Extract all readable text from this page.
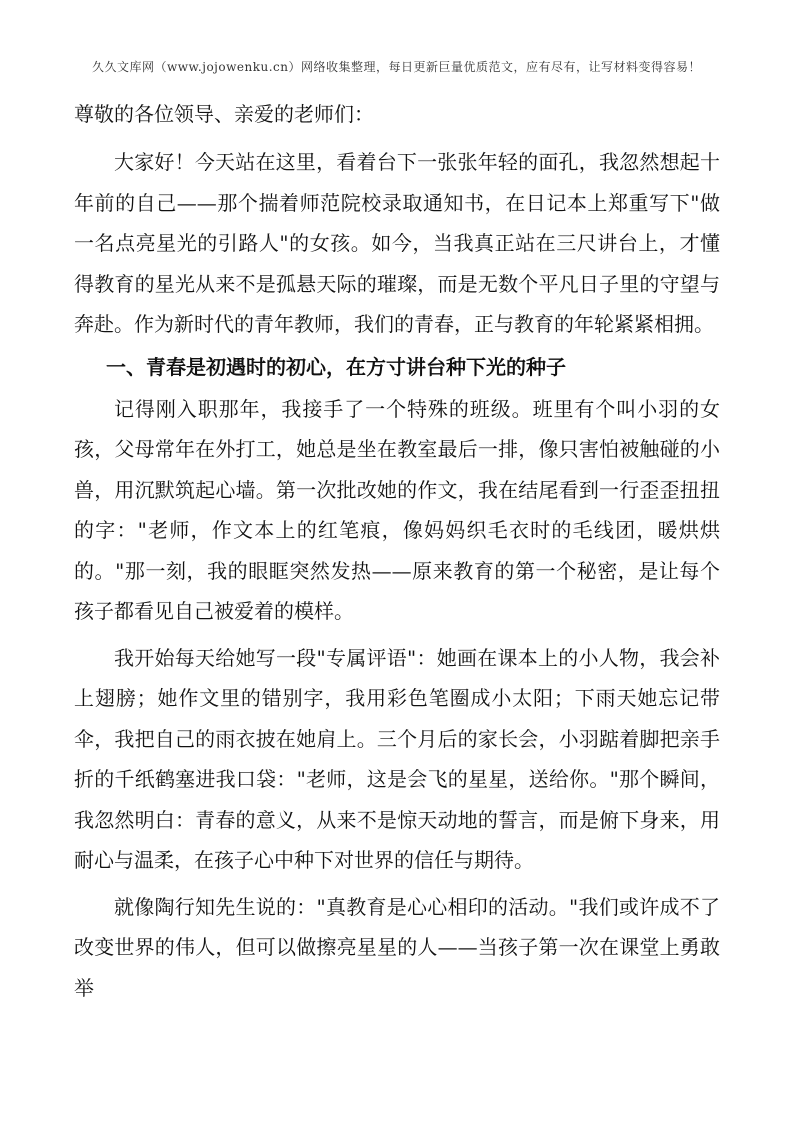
久久文库网（www.jojowenku.cn）网络收集整理，每日更新巨量优质范文，应有尽有，让写材料变得容易！

尊敬的各位领导、亲爱的老师们：

大家好！今天站在这里，看着台下一张张年轻的面孔，我忽然想起十年前的自己——那个揣着师范院校录取通知书，在日记本上郑重写下"做一名点亮星光的引路人"的女孩。如今，当我真正站在三尺讲台上，才懂得教育的星光从来不是孤悬天际的璀璨，而是无数个平凡日子里的守望与奔赴。作为新时代的青年教师，我们的青春，正与教育的年轮紧紧相拥。

一、青春是初遇时的初心，在方寸讲台种下光的种子

记得刚入职那年，我接手了一个特殊的班级。班里有个叫小羽的女孩，父母常年在外打工，她总是坐在教室最后一排，像只害怕被触碰的小兽，用沉默筑起心墙。第一次批改她的作文，我在结尾看到一行歪歪扭扭的字："老师，作文本上的红笔痕，像妈妈织毛衣时的毛线团，暖烘烘的。"那一刻，我的眼眶突然发热——原来教育的第一个秘密，是让每个孩子都看见自己被爱着的模样。

我开始每天给她写一段"专属评语"：她画在课本上的小人物，我会补上翅膀；她作文里的错别字，我用彩色笔圈成小太阳；下雨天她忘记带伞，我把自己的雨衣披在她肩上。三个月后的家长会，小羽踮着脚把亲手折的千纸鹤塞进我口袋："老师，这是会飞的星星，送给你。"那个瞬间，我忽然明白：青春的意义，从来不是惊天动地的誓言，而是俯下身来，用耐心与温柔，在孩子心中种下对世界的信任与期待。

就像陶行知先生说的："真教育是心心相印的活动。"我们或许成不了改变世界的伟人，但可以做擦亮星星的人——当孩子第一次在课堂上勇敢举
